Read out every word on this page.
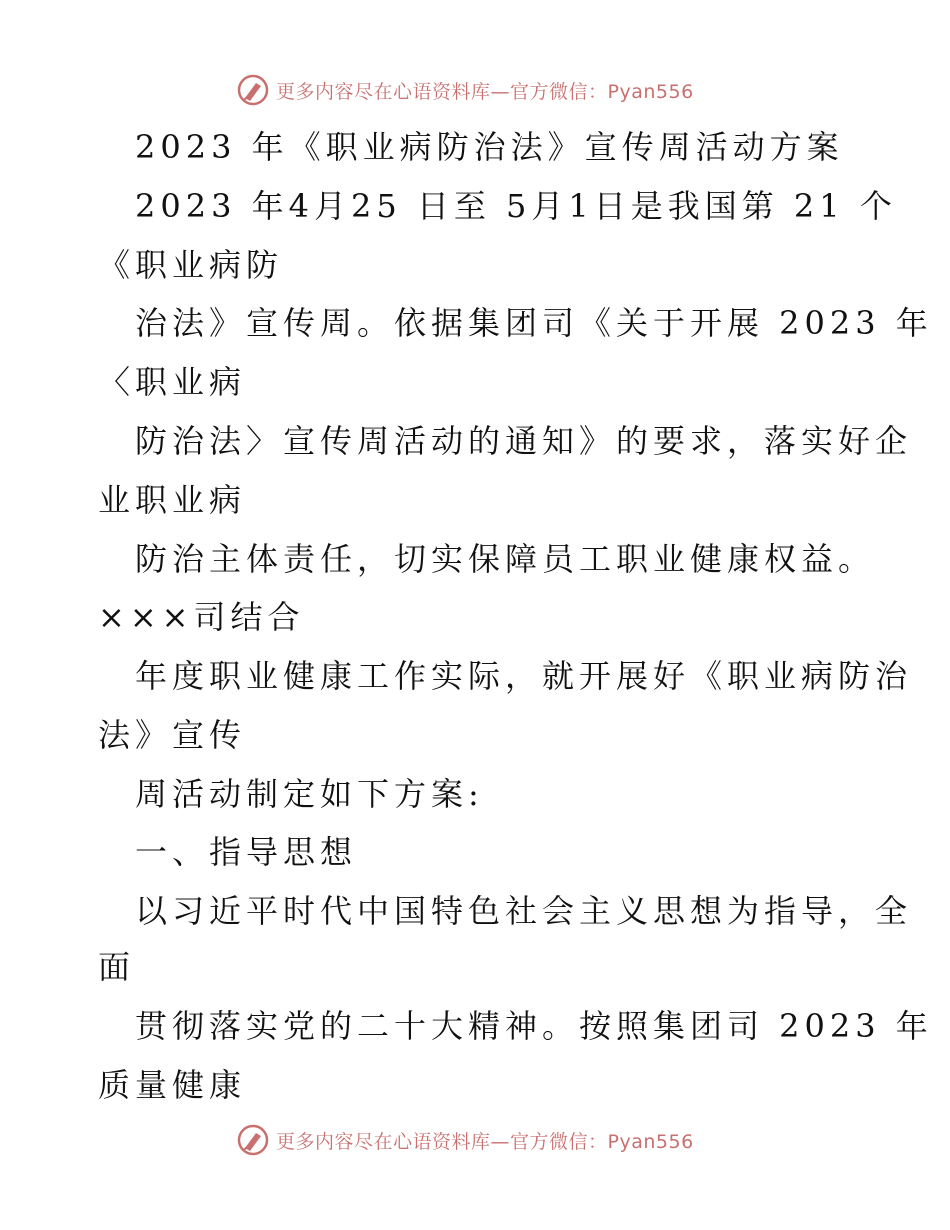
更多内容尽在心语资料库—官方微信：Pyan556
2023 年《职业病防治法》宣传周活动方案
2023 年4月25 日至 5月1日是我国第 21 个
《职业病防
治法》宣传周。依据集团司《关于开展 2023 年
〈职业病
防治法〉宣传周活动的通知》的要求，落实好企
业职业病
防治主体责任，切实保障员工职业健康权益。
×××司结合
年度职业健康工作实际，就开展好《职业病防治
法》宣传
周活动制定如下方案:
一、指导思想
以习近平时代中国特色社会主义思想为指导，全
面
贯彻落实党的二十大精神。按照集团司 2023 年
质量健康
更多内容尽在心语资料库—官方微信：Pyan556
